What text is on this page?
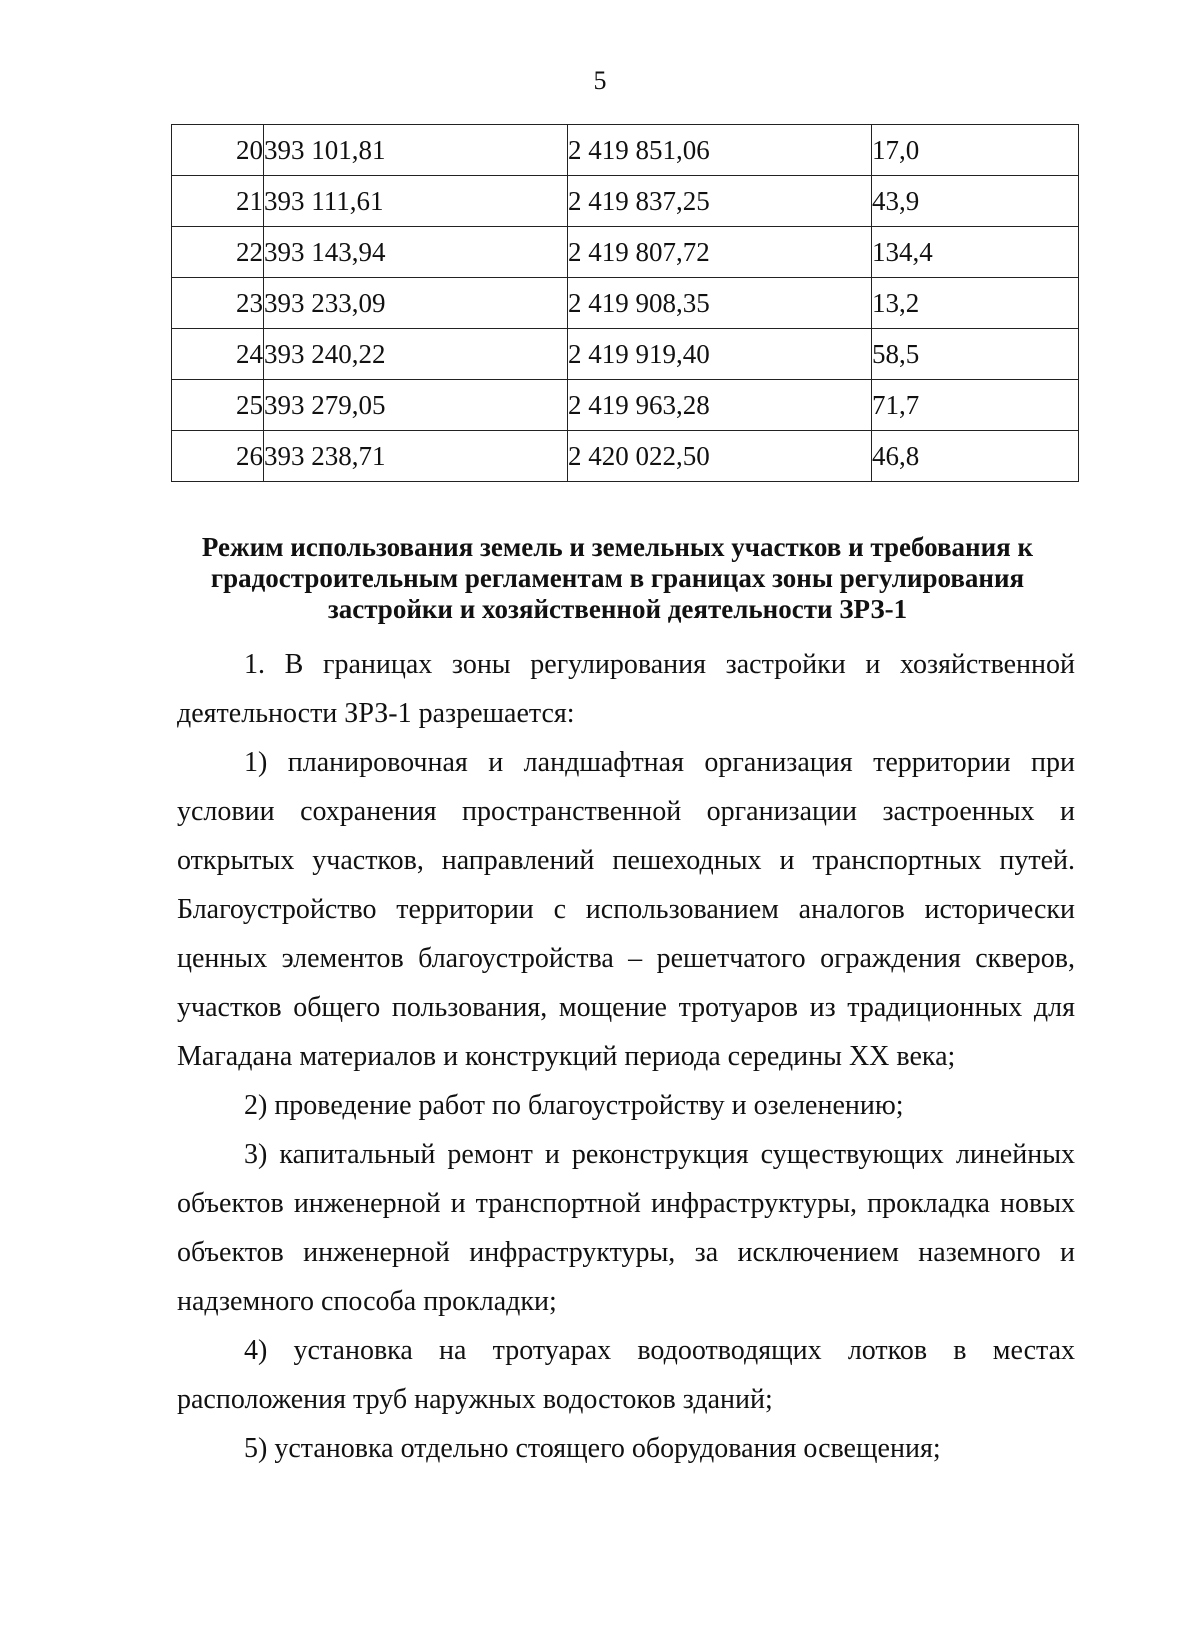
5
20	393 101,81	2 419 851,06	17,0
21	393 111,61	2 419 837,25	43,9
22	393 143,94	2 419 807,72	134,4
23	393 233,09	2 419 908,35	13,2
24	393 240,22	2 419 919,40	58,5
25	393 279,05	2 419 963,28	71,7
26	393 238,71	2 420 022,50	46,8
Режим использования земель и земельных участков и требования к градостроительным регламентам в границах зоны регулирования застройки и хозяйственной деятельности ЗРЗ-1

1. В границах зоны регулирования застройки и хозяйственной деятельности ЗРЗ-1 разрешается:

1) планировочная и ландшафтная организация территории при условии сохранения пространственной организации застроенных и открытых участков, направлений пешеходных и транспортных путей. Благоустройство территории с использованием аналогов исторически ценных элементов благоустройства – решетчатого ограждения скверов, участков общего пользования, мощение тротуаров из традиционных для Магадана материалов и конструкций периода середины XX века;

2) проведение работ по благоустройству и озеленению;

3) капитальный ремонт и реконструкция существующих линейных объектов инженерной и транспортной инфраструктуры, прокладка новых объектов инженерной инфраструктуры, за исключением наземного и надземного способа прокладки;

4) установка на тротуарах водоотводящих лотков в местах расположения труб наружных водостоков зданий;

5) установка отдельно стоящего оборудования освещения;
